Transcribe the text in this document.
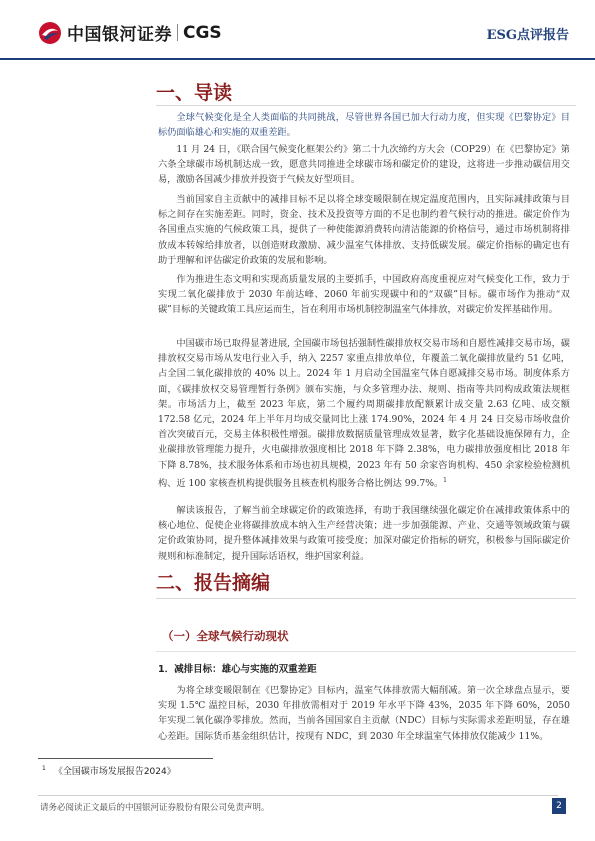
中国银河证券 CGS	ESG点评报告
一、导读

全球气候变化是全人类面临的共同挑战，尽管世界各国已加大行动力度，但实现《巴黎协定》目标仍面临雄心和实施的双重差距。

11 月 24 日，《联合国气候变化框架公约》第二十九次缔约方大会（COP29）在《巴黎协定》第六条全球碳市场机制达成一致，愿意共同推进全球碳市场和碳定价的建设，这将进一步推动碳信用交易，激励各国减少排放并投资于气候友好型项目。

当前国家自主贡献中的减排目标不足以将全球变暖限制在规定温度范围内，且实际减排政策与目标之间存在实施差距。同时，资金、技术及投资等方面的不足也制约着气候行动的推进。碳定价作为各国重点实施的气候政策工具，提供了一种使能源消费转向清洁能源的价格信号，通过市场机制将排放成本转嫁给排放者，以创造财政激励、减少温室气体排放、支持低碳发展。碳定价指标的确定也有助于理解和评估碳定价政策的发展和影响。

作为推进生态文明和实现高质量发展的主要抓手，中国政府高度重视应对气候变化工作，致力于实现二氧化碳排放于 2030 年前达峰、2060 年前实现碳中和的“双碳”目标。碳市场作为推动“双碳”目标的关键政策工具应运而生，旨在利用市场机制控制温室气体排放，对碳定价发挥基础作用。

中国碳市场已取得显著进展, 全国碳市场包括强制性碳排放权交易市场和自愿性减排交易市场，碳排放权交易市场从发电行业入手，纳入 2257 家重点排放单位，年覆盖二氧化碳排放量约 51 亿吨，占全国二氧化碳排放的 40% 以上。2024 年 1 月启动全国温室气体自愿减排交易市场。制度体系方面，《碳排放权交易管理暂行条例》颁布实施，与众多管理办法、规则、指南等共同构成政策法规框架。市场活力上，截至 2023 年底，第二个履约周期碳排放配额累计成交量 2.63 亿吨、成交额 172.58 亿元，2024 年上半年月均成交量同比上涨 174.90%，2024 年 4 月 24 日交易市场收盘价首次突破百元，交易主体积极性增强。碳排放数据质量管理成效显著，数字化基础设施保障有力，企业碳排放管理能力提升，火电碳排放强度相比 2018 年下降 2.38%，电力碳排放强度相比 2018 年下降 8.78%，技术服务体系和市场也初具规模，2023 年有 50 余家咨询机构、450 余家检验检测机构、近 100 家核查机构提供服务且核查机构服务合格比例达 99.7%。$^1$

解读该报告，了解当前全球碳定价的政策选择，有助于我国继续强化碳定价在减排政策体系中的核心地位、促使企业将碳排放成本纳入生产经营决策；进一步加强能源、产业、交通等领域政策与碳定价政策协同，提升整体减排效果与政策可接受度；加深对碳定价指标的研究，积极参与国际碳定价规则和标准制定，提升国际话语权，维护国家利益。

二、报告摘编
（一）全球气候行动现状
1．减排目标：雄心与实施的双重差距

为将全球变暖限制在《巴黎协定》目标内，温室气体排放需大幅削减。第一次全球盘点显示，要实现 1.5℃ 温控目标，2030 年排放需相对于 2019 年水平下降 43%，2035 年下降 60%，2050 年实现二氧化碳净零排放。然而，当前各国国家自主贡献（NDC）目标与实际需求差距明显，存在雄心差距。国际货币基金组织估计，按现有 NDC，到 2030 年全球温室气体排放仅能减少 11%。

$^1$ 《全国碳市场发展报告2024》
请务必阅读正文最后的中国银河证券股份有限公司免责声明。	2
